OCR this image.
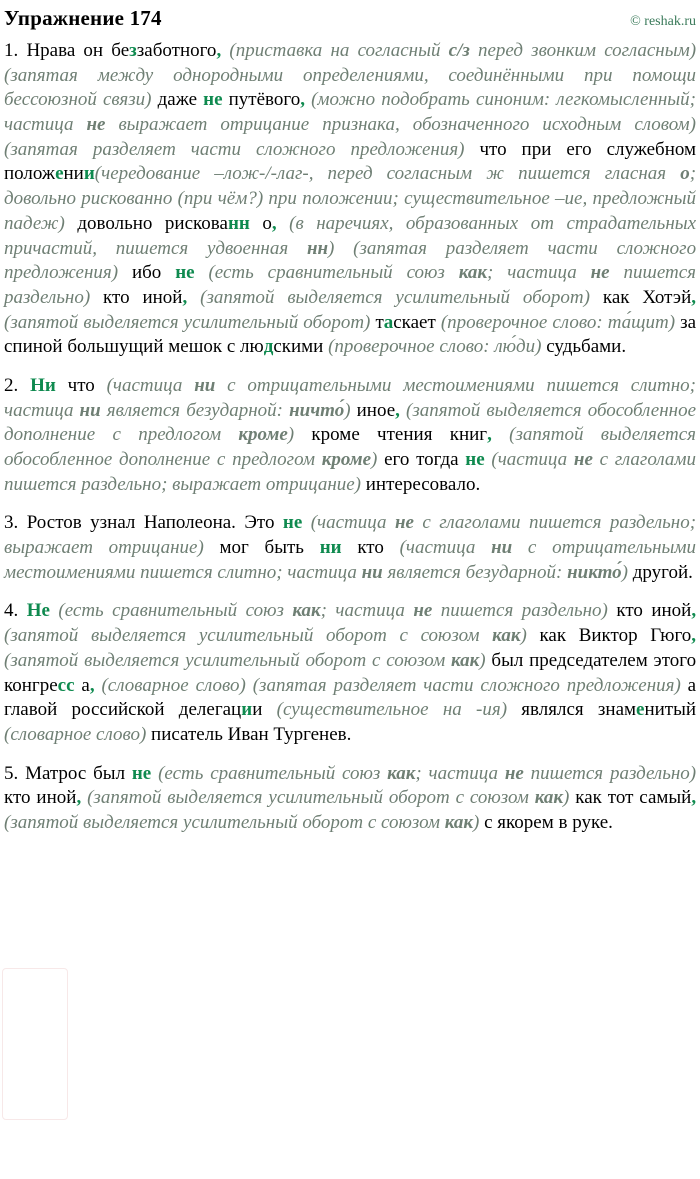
Упражнение 174	© reshak.ru

1. Нрава он беззаботного, (приставка на согласный с/з перед звонким согласным) (запятая между однородными определениями, соединёнными при помощи бессоюзной связи) даже не путёвого, (можно подобрать синоним: легкомысленный; частица не выражает отрицание признака, обозначенного исходным словом) (запятая разделяет части сложного предложения) что при его служебном положении(чередование –лож-/-лаг-, перед согласным ж пишется гласная о; довольно рискованно (при чём?) при положении; существительное –ие, предложный падеж) довольно рискованн о, (в наречиях, образованных от страдательных причастий, пишется удвоенная нн) (запятая разделяет части сложного предложения) ибо не (есть сравнительный союз как; частица не пишется раздельно) кто иной, (запятой выделяется усилительный оборот) как Хотэй, (запятой выделяется усилительный оборот) таскает (проверочное слово: та́щит) за спиной большущий мешок с людскими (проверочное слово: лю́ди) судьбами.

2. Ни что (частица ни с отрицательными местоимениями пишется слитно; частица ни является безударной: ничто́) иное, (запятой выделяется обособленное дополнение с предлогом кроме) кроме чтения книг, (запятой выделяется обособленное дополнение с предлогом кроме) его тогда не (частица не с глаголами пишется раздельно; выражает отрицание) интересовало.

3. Ростов узнал Наполеона. Это не (частица не с глаголами пишется раздельно; выражает отрицание) мог быть ни кто (частица ни с отрицательными местоимениями пишется слитно; частица ни является безударной: никто́) другой.

4. Не (есть сравнительный союз как; частица не пишется раздельно) кто иной, (запятой выделяется усилительный оборот с союзом как) как Виктор Гюго, (запятой выделяется усилительный оборот с союзом как) был председателем этого конгресс а, (словарное слово) (запятая разделяет части сложного предложения) а главой российской делегации (существительное на -ия) являлся знаменитый (словарное слово) писатель Иван Тургенев.

5. Матрос был не (есть сравнительный союз как; частица не пишется раздельно) кто иной, (запятой выделяется усилительный оборот с союзом как) как тот самый, (запятой выделяется усилительный оборот с союзом как) с якорем в руке.
